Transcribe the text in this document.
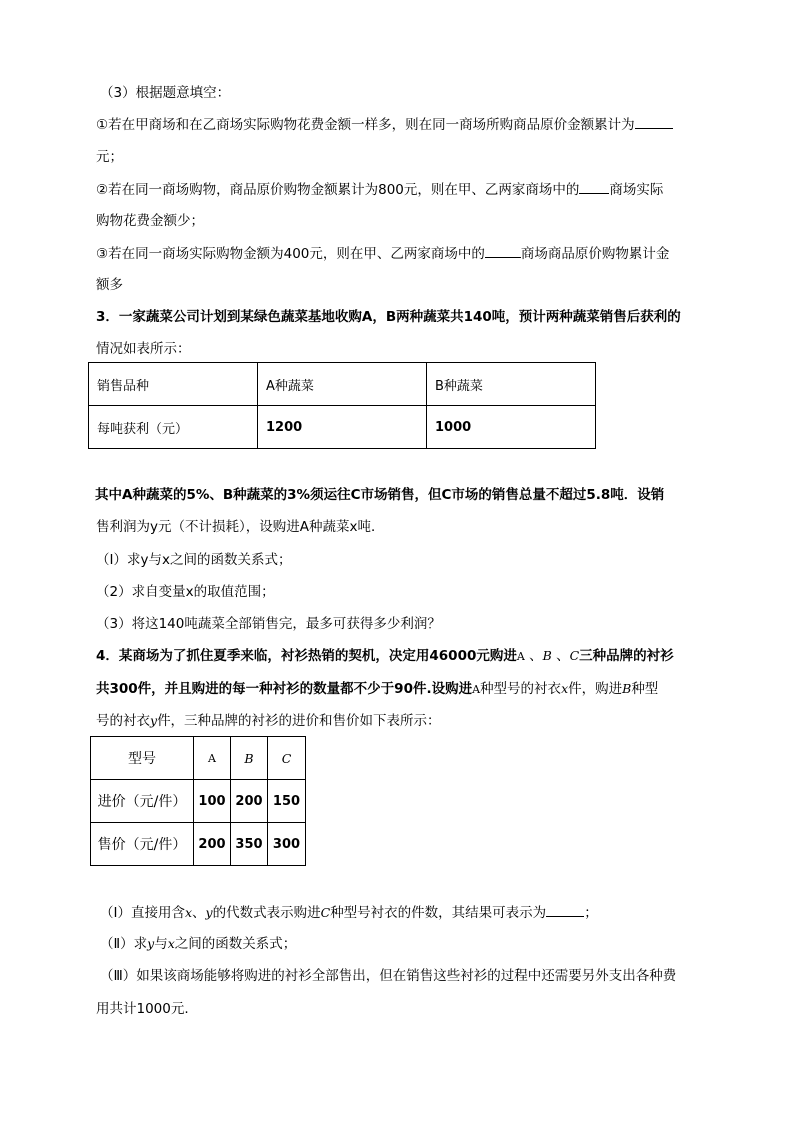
（3）根据题意填空：
①若在甲商场和在乙商场实际购物花费金额一样多，则在同一商场所购商品原价金额累计为
元；
②若在同一商场购物，商品原价购物金额累计为800元，则在甲、乙两家商场中的 商场实际
购物花费金额少；
③若在同一商场实际购物金额为400元，则在甲、乙两家商场中的	商场商品原价购物累计金
额多
3．一家蔬菜公司计划到某绿色蔬菜基地收购A，B两种蔬菜共140吨，预计两种蔬菜销售后获利的
情况如表所示：
销售品种	A种蔬菜	B种蔬菜
每吨获利（元）	1200	1000
其中A种蔬菜的5%、B种蔬菜的3%须运往C市场销售，但C市场的销售总量不超过5.8吨．设销
售利润为y元（不计损耗），设购进A种蔬菜x吨．
（Ⅰ）求y与x之间的函数关系式；
（2）求自变量x的取值范围；
（3）将这140吨蔬菜全部销售完，最多可获得多少利润？
4．某商场为了抓住夏季来临，衬衫热销的契机，决定用46000元购进A 、B 、C三种品牌的衬衫
共300件，并且购进的每一种衬衫的数量都不少于90件.设购进A种型号的衬衣x件，购进B种型
号的衬衣y件，三种品牌的衬衫的进价和售价如下表所示：
型号	A	B	C
进价（元/件）	100	200	150
售价（元/件）	200	350	300
（Ⅰ）直接用含x、y的代数式表示购进C种型号衬衣的件数，其结果可表示为	；
（Ⅱ）求y与x之间的函数关系式；
（Ⅲ）如果该商场能够将购进的衬衫全部售出，但在销售这些衬衫的过程中还需要另外支出各种费
用共计1000元.
